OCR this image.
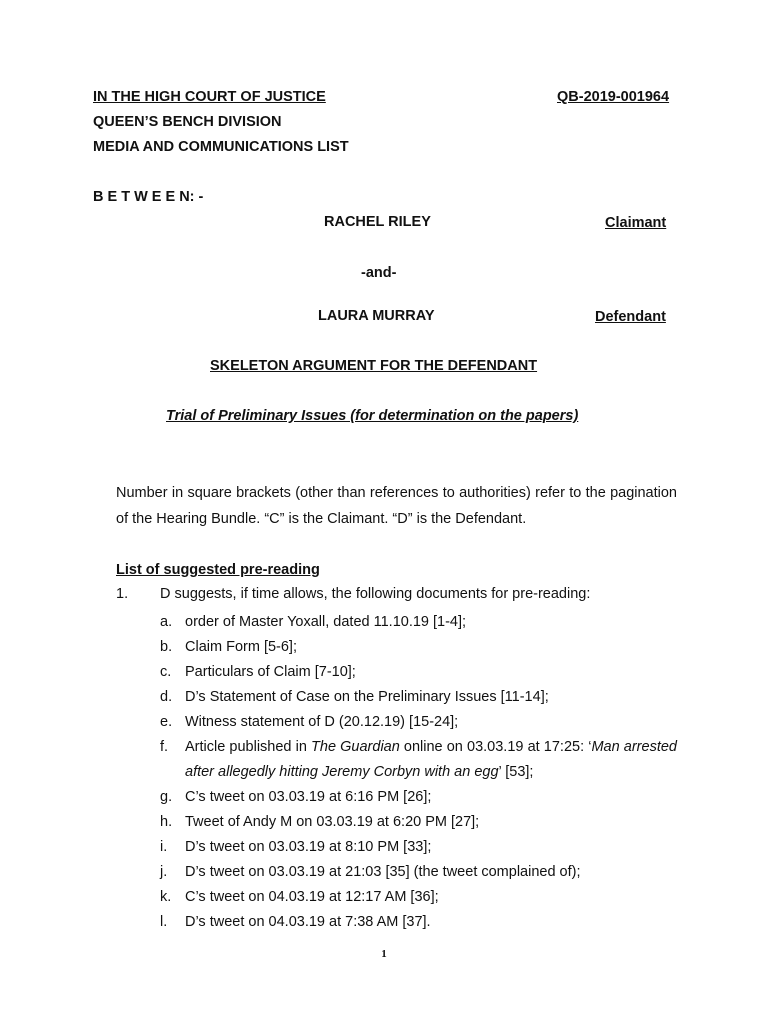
IN THE HIGH COURT OF JUSTICE	QB-2019-001964
QUEEN’S BENCH DIVISION
MEDIA AND COMMUNICATIONS LIST
B E T W E E N: -
RACHEL RILEY	Claimant
-and-
LAURA MURRAY	Defendant
SKELETON ARGUMENT FOR THE DEFENDANT
Trial of Preliminary Issues (for determination on the papers)
Number in square brackets (other than references to authorities) refer to the pagination of the Hearing Bundle. “C” is the Claimant. “D” is the Defendant.
List of suggested pre-reading
1. D suggests, if time allows, the following documents for pre-reading:
a. order of Master Yoxall, dated 11.10.19 [1-4];
b. Claim Form [5-6];
c. Particulars of Claim [7-10];
d. D’s Statement of Case on the Preliminary Issues [11-14];
e. Witness statement of D (20.12.19) [15-24];
f.	Article published in The Guardian online on 03.03.19 at 17:25: ‘Man arrested after allegedly hitting Jeremy Corbyn with an egg’ [53];
g. C’s tweet on 03.03.19 at 6:16 PM [26];
h. Tweet of Andy M on 03.03.19 at 6:20 PM [27];
i.	D’s tweet on 03.03.19 at 8:10 PM [33];
j.	D’s tweet on 03.03.19 at 21:03 [35] (the tweet complained of);
k. C’s tweet on 04.03.19 at 12:17 AM [36];
l.	D’s tweet on 04.03.19 at 7:38 AM [37].
1
